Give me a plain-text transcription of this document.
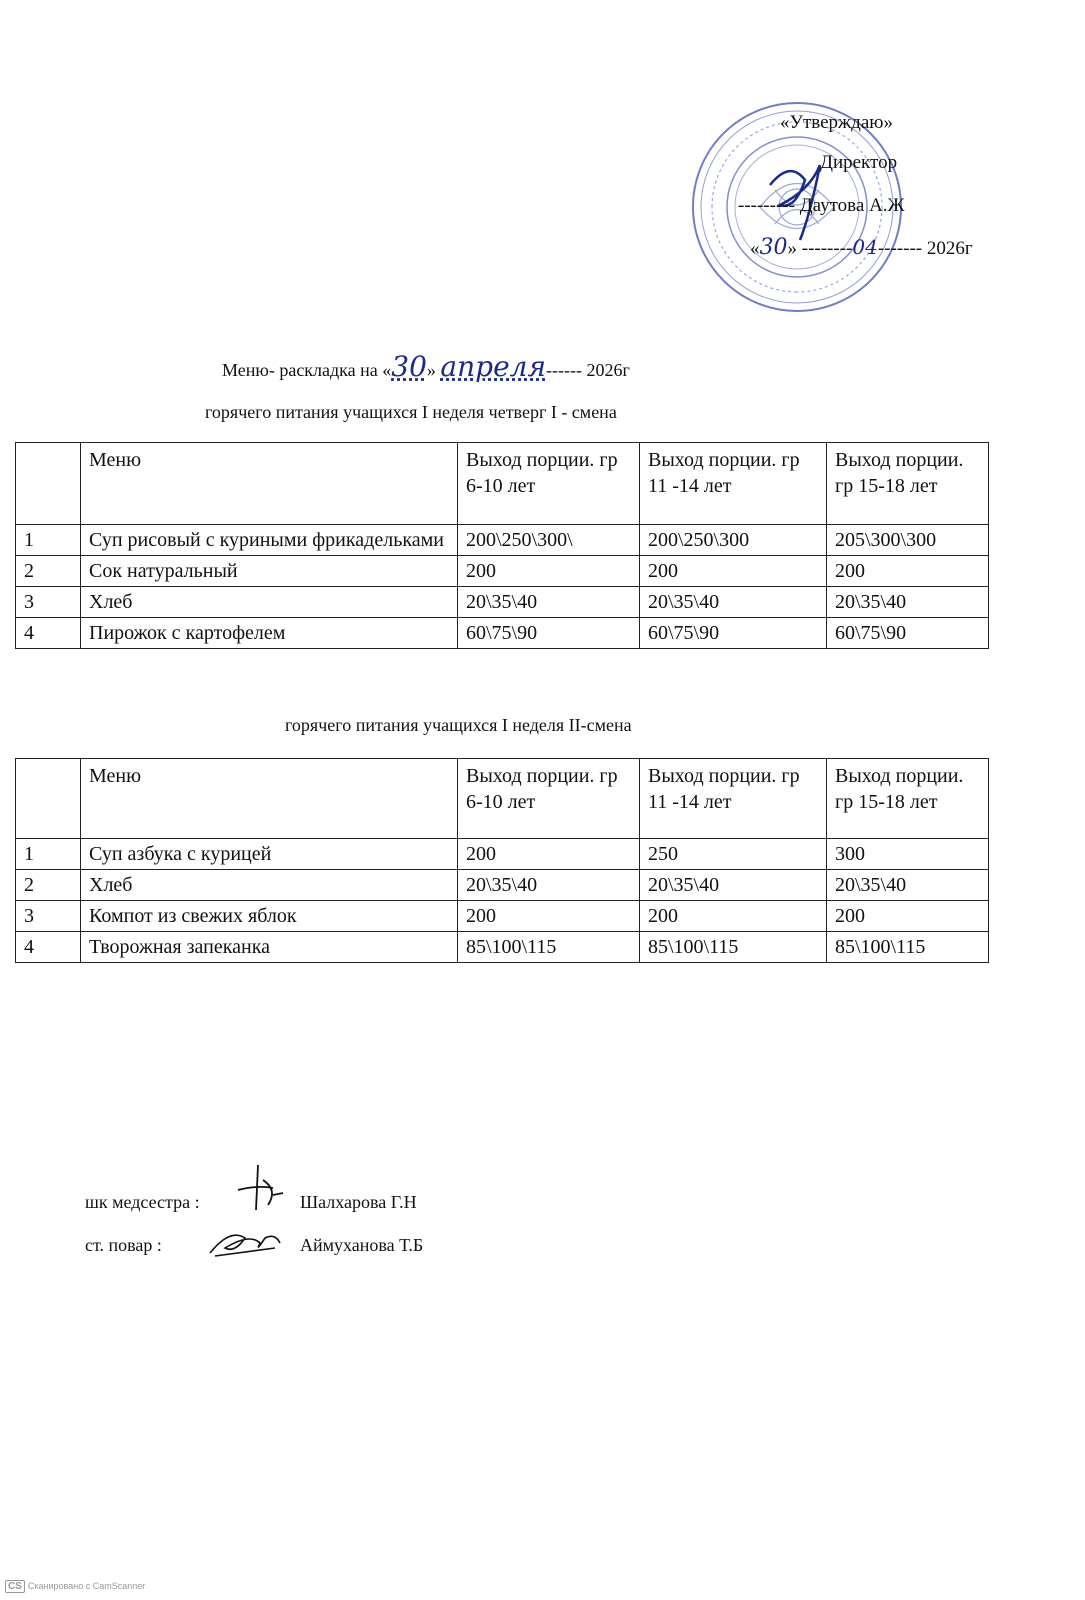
«Утверждаю»
Директор
--------- Даутова А.Ж
«30» --------04------- 2026г
Меню- раскладка на «30» апреля------ 2026г
горячего питания учащихся I неделя четверг I - смена
	Меню	Выход порции. гр 6-10 лет	Выход порции. гр 11 -14 лет	Выход порции. гр 15-18 лет
1	Суп рисовый с куриными фрикадельками	200\250\300\	200\250\300	205\300\300
2	Сок натуральный	200	200	200
3	Хлеб	20\35\40	20\35\40	20\35\40
4	Пирожок с картофелем	60\75\90	60\75\90	60\75\90
горячего питания учащихся I неделя II-смена
	Меню	Выход порции. гр 6-10 лет	Выход порции. гр 11 -14 лет	Выход порции. гр 15-18 лет
1	Суп азбука с курицей	200	250	300
2	Хлеб	20\35\40	20\35\40	20\35\40
3	Компот из свежих яблок	200	200	200
4	Творожная запеканка	85\100\115	85\100\115	85\100\115
шк медсестра :	Шалхарова Г.Н
ст. повар :	Аймуханова Т.Б
CS Сканировано с CamScanner
